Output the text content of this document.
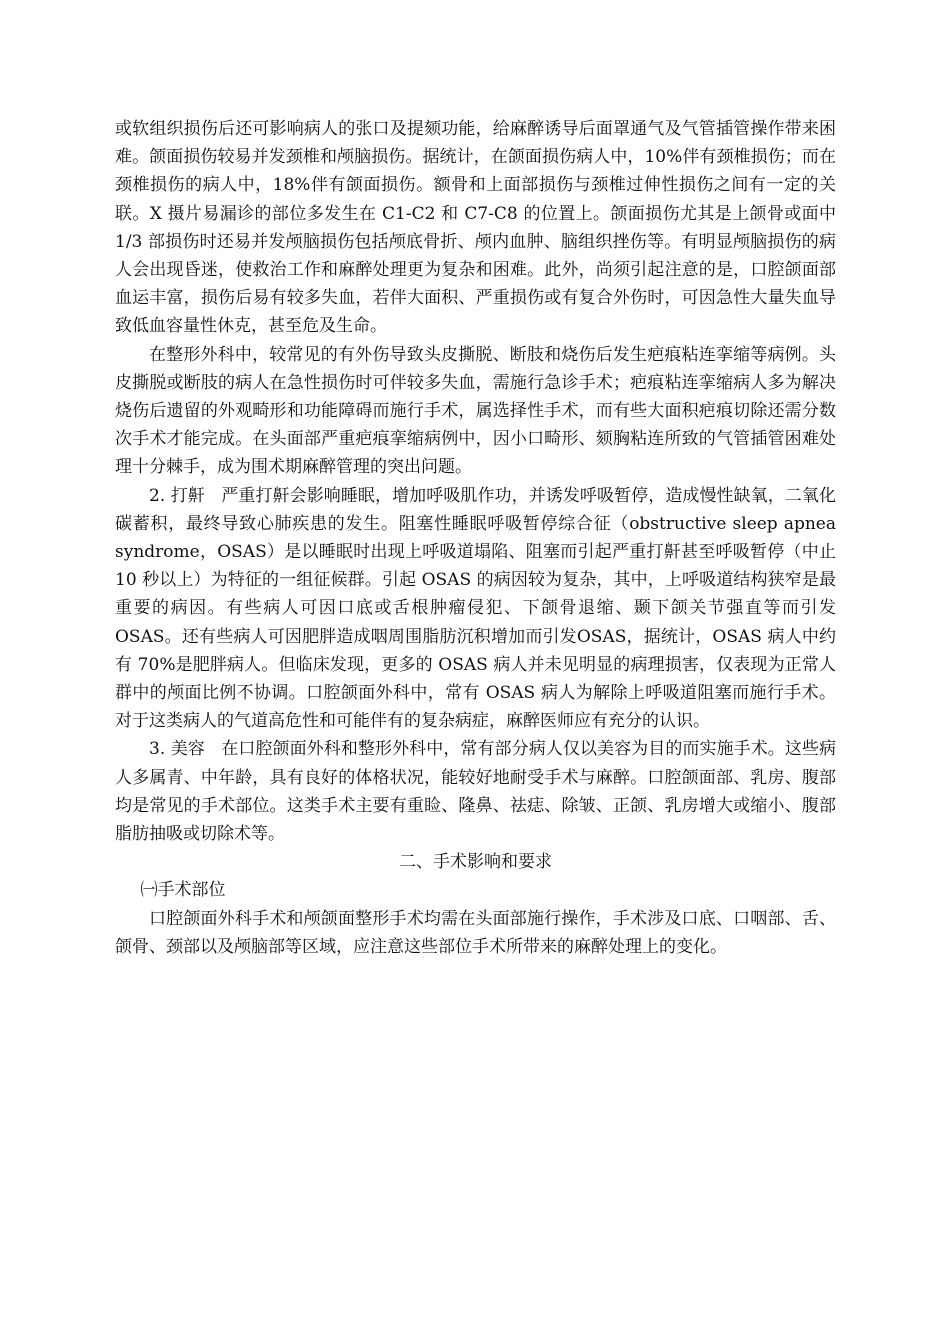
或软组织损伤后还可影响病人的张口及提颏功能，给麻醉诱导后面罩通气及气管插管操作带来困难。颌面损伤较易并发颈椎和颅脑损伤。据统计，在颌面损伤病人中，10%伴有颈椎损伤；而在颈椎损伤的病人中，18%伴有颌面损伤。额骨和上面部损伤与颈椎过伸性损伤之间有一定的关联。X 摄片易漏诊的部位多发生在 C1-C2 和 C7-C8 的位置上。颌面损伤尤其是上颌骨或面中 1/3 部损伤时还易并发颅脑损伤包括颅底骨折、颅内血肿、脑组织挫伤等。有明显颅脑损伤的病人会出现昏迷，使救治工作和麻醉处理更为复杂和困难。此外，尚须引起注意的是，口腔颌面部血运丰富，损伤后易有较多失血，若伴大面积、严重损伤或有复合外伤时，可因急性大量失血导致低血容量性休克，甚至危及生命。

在整形外科中，较常见的有外伤导致头皮撕脱、断肢和烧伤后发生疤痕粘连挛缩等病例。头皮撕脱或断肢的病人在急性损伤时可伴较多失血，需施行急诊手术；疤痕粘连挛缩病人多为解决烧伤后遗留的外观畸形和功能障碍而施行手术，属选择性手术，而有些大面积疤痕切除还需分数次手术才能完成。在头面部严重疤痕挛缩病例中，因小口畸形、颏胸粘连所致的气管插管困难处理十分棘手，成为围术期麻醉管理的突出问题。

2. 打鼾 严重打鼾会影响睡眠，增加呼吸肌作功，并诱发呼吸暂停，造成慢性缺氧，二氧化碳蓄积，最终导致心肺疾患的发生。阻塞性睡眠呼吸暂停综合征（obstructive sleep apnea syndrome，OSAS）是以睡眠时出现上呼吸道塌陷、阻塞而引起严重打鼾甚至呼吸暂停（中止 10 秒以上）为特征的一组征候群。引起 OSAS 的病因较为复杂，其中，上呼吸道结构狭窄是最重要的病因。有些病人可因口底或舌根肿瘤侵犯、下颌骨退缩、颞下颌关节强直等而引发 OSAS。还有些病人可因肥胖造成咽周围脂肪沉积增加而引发OSAS，据统计，OSAS 病人中约有 70%是肥胖病人。但临床发现，更多的 OSAS 病人并未见明显的病理损害，仅表现为正常人群中的颅面比例不协调。口腔颌面外科中，常有 OSAS 病人为解除上呼吸道阻塞而施行手术。对于这类病人的气道高危性和可能伴有的复杂病症，麻醉医师应有充分的认识。

3. 美容 在口腔颌面外科和整形外科中，常有部分病人仅以美容为目的而实施手术。这些病人多属青、中年龄，具有良好的体格状况，能较好地耐受手术与麻醉。口腔颌面部、乳房、腹部均是常见的手术部位。这类手术主要有重睑、隆鼻、祛痣、除皱、正颌、乳房增大或缩小、腹部脂肪抽吸或切除术等。

二、手术影响和要求

㈠手术部位

口腔颌面外科手术和颅颌面整形手术均需在头面部施行操作，手术涉及口底、口咽部、舌、颌骨、颈部以及颅脑部等区域，应注意这些部位手术所带来的麻醉处理上的变化。
